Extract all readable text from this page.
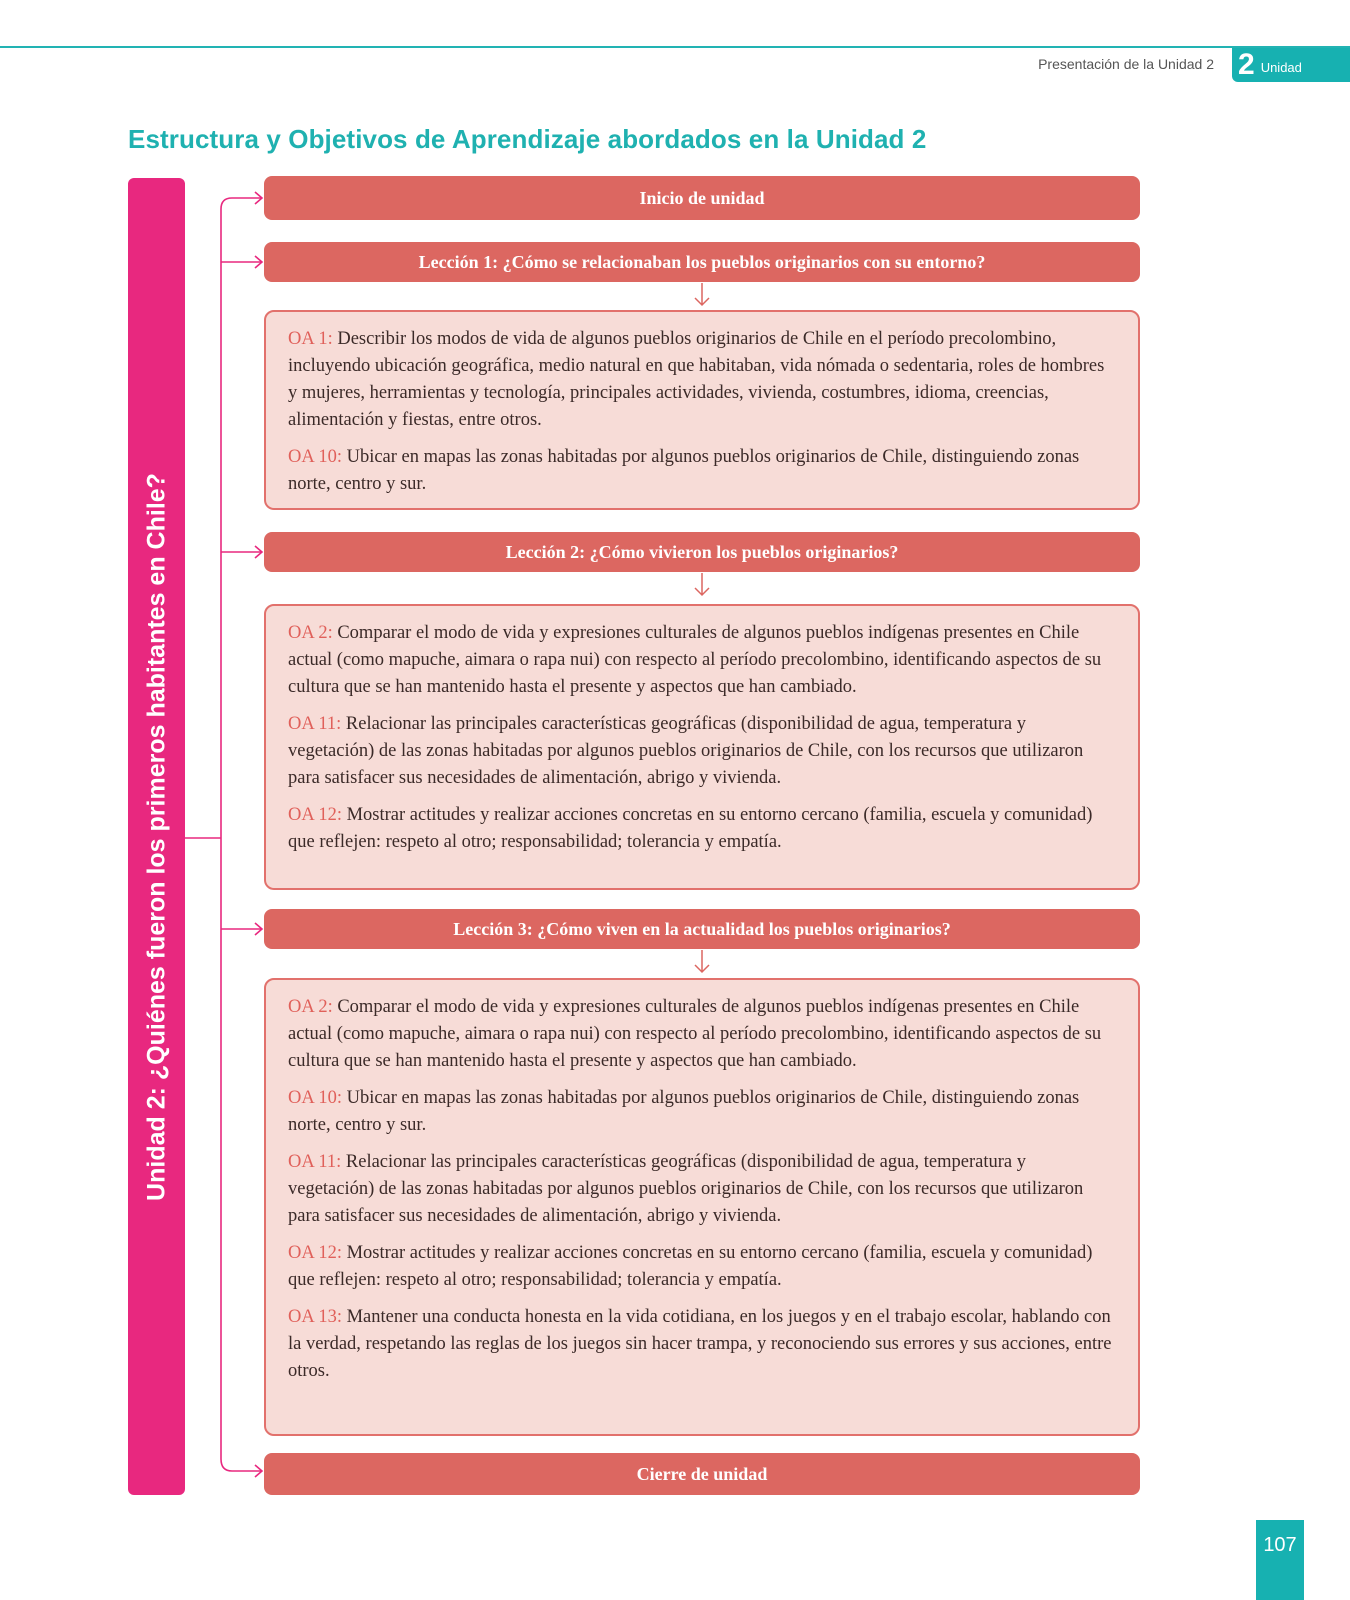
Presentación de la Unidad 2 2 Unidad
Estructura y Objetivos de Aprendizaje abordados en la Unidad 2
Unidad 2: ¿Quiénes fueron los primeros habitantes en Chile?
Inicio de unidad
Lección 1: ¿Cómo se relacionaban los pueblos originarios con su entorno?

OA 1: Describir los modos de vida de algunos pueblos originarios de Chile en el período precolombino, incluyendo ubicación geográfica, medio natural en que habitaban, vida nómada o sedentaria, roles de hombres y mujeres, herramientas y tecnología, principales actividades, vivienda, costumbres, idioma, creencias, alimentación y fiestas, entre otros.

OA 10: Ubicar en mapas las zonas habitadas por algunos pueblos originarios de Chile, distinguiendo zonas norte, centro y sur.

Lección 2: ¿Cómo vivieron los pueblos originarios?

OA 2: Comparar el modo de vida y expresiones culturales de algunos pueblos indígenas presentes en Chile actual (como mapuche, aimara o rapa nui) con respecto al período precolombino, identificando aspectos de su cultura que se han mantenido hasta el presente y aspectos que han cambiado.

OA 11: Relacionar las principales características geográficas (disponibilidad de agua, temperatura y vegetación) de las zonas habitadas por algunos pueblos originarios de Chile, con los recursos que utilizaron para satisfacer sus necesidades de alimentación, abrigo y vivienda.

OA 12: Mostrar actitudes y realizar acciones concretas en su entorno cercano (familia, escuela y comunidad) que reflejen: respeto al otro; responsabilidad; tolerancia y empatía.

Lección 3: ¿Cómo viven en la actualidad los pueblos originarios?

OA 2: Comparar el modo de vida y expresiones culturales de algunos pueblos indígenas presentes en Chile actual (como mapuche, aimara o rapa nui) con respecto al período precolombino, identificando aspectos de su cultura que se han mantenido hasta el presente y aspectos que han cambiado.

OA 10: Ubicar en mapas las zonas habitadas por algunos pueblos originarios de Chile, distinguiendo zonas norte, centro y sur.

OA 11: Relacionar las principales características geográficas (disponibilidad de agua, temperatura y vegetación) de las zonas habitadas por algunos pueblos originarios de Chile, con los recursos que utilizaron para satisfacer sus necesidades de alimentación, abrigo y vivienda.

OA 12: Mostrar actitudes y realizar acciones concretas en su entorno cercano (familia, escuela y comunidad) que reflejen: respeto al otro; responsabilidad; tolerancia y empatía.

OA 13: Mantener una conducta honesta en la vida cotidiana, en los juegos y en el trabajo escolar, hablando con la verdad, respetando las reglas de los juegos sin hacer trampa, y reconociendo sus errores y sus acciones, entre otros.

Cierre de unidad
107
